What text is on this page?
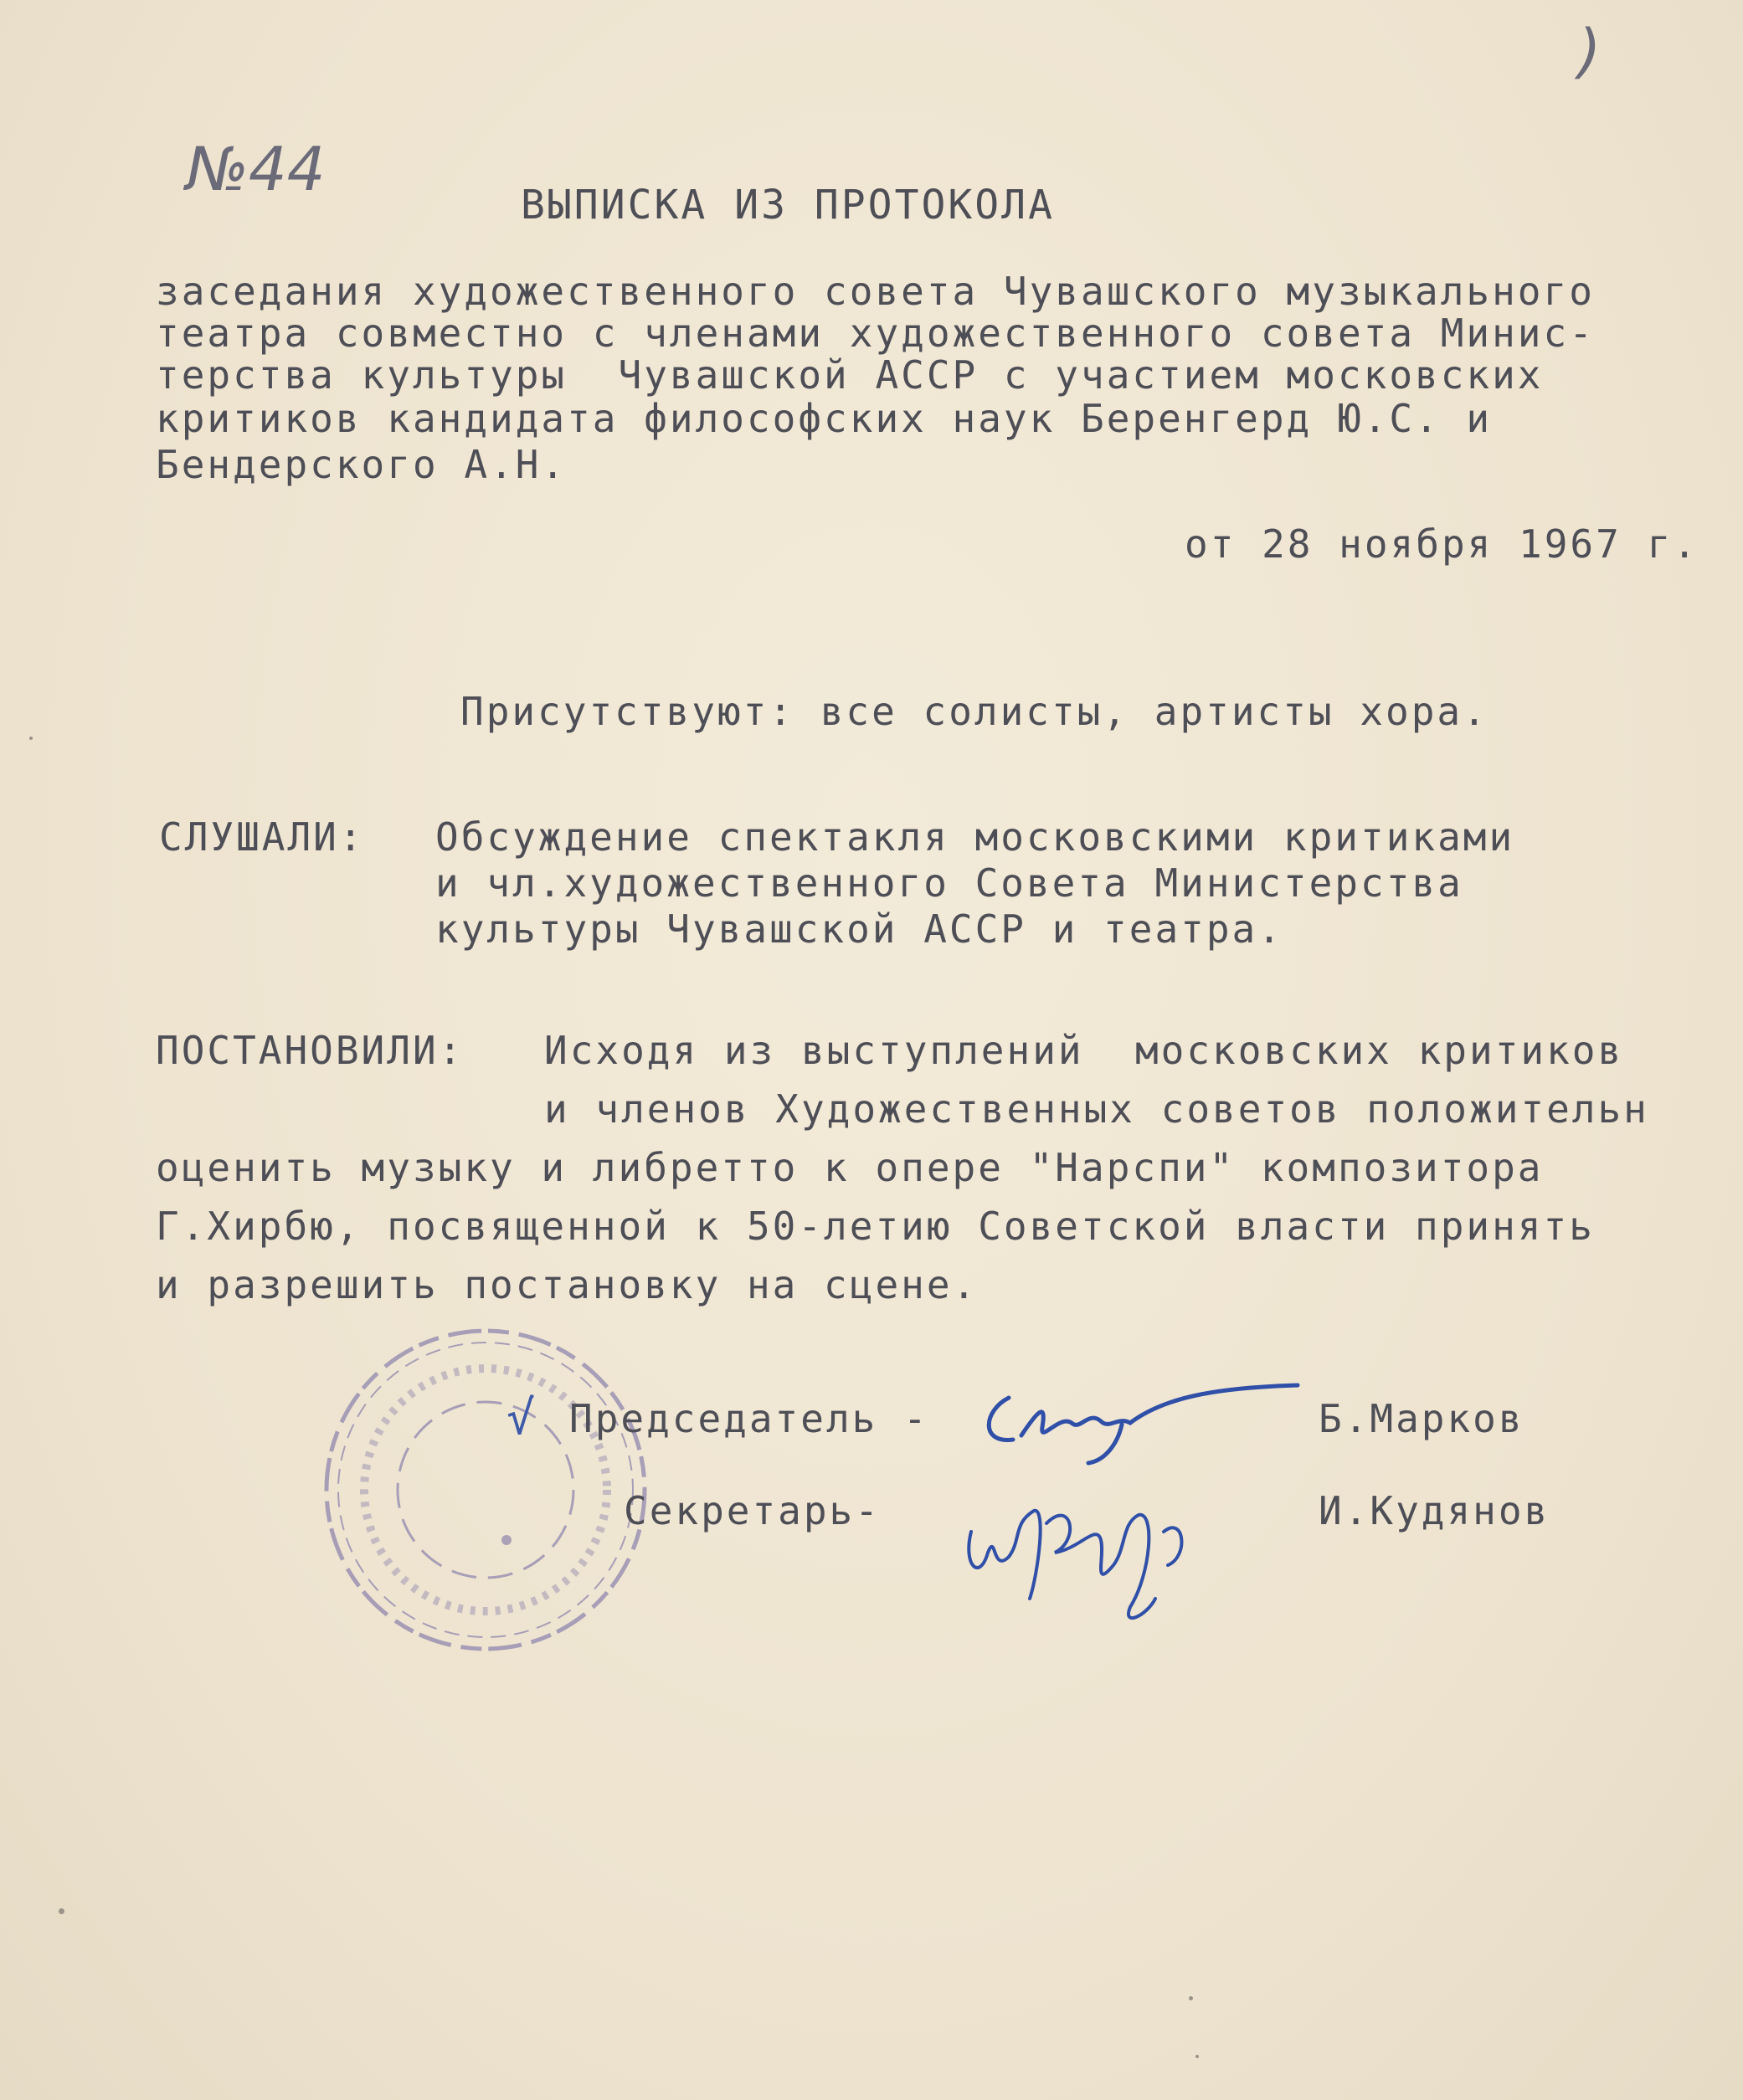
№44
)
ВЫПИСКА ИЗ ПРОТОКОЛА
заседания художественного совета Чувашского музыкального
театра совместно с членами художественного совета Минис-
терства культуры  Чувашской АССР с участием московских
критиков кандидата философских наук Беренгерд Ю.С. и
Бендерского А.Н.
от 28 ноября 1967 г.
Присутствуют: все солисты, артисты хора.
СЛУШАЛИ: Обсуждение спектакля московскими критиками
и чл.художественного Совета Министерства
культуры Чувашской АССР и театра.
ПОСТАНОВИЛИ: Исходя из выступлений  московских критиков
и членов Художественных советов положительн
оценить музыку и либретто к опере "Нарспи" композитора
Г.Хирбю, посвященной к 50-летию Советской власти принять
и разрешить постановку на сцене.
√ Председатель -	Б.Марков
Секретарь-	И.Кудянов
